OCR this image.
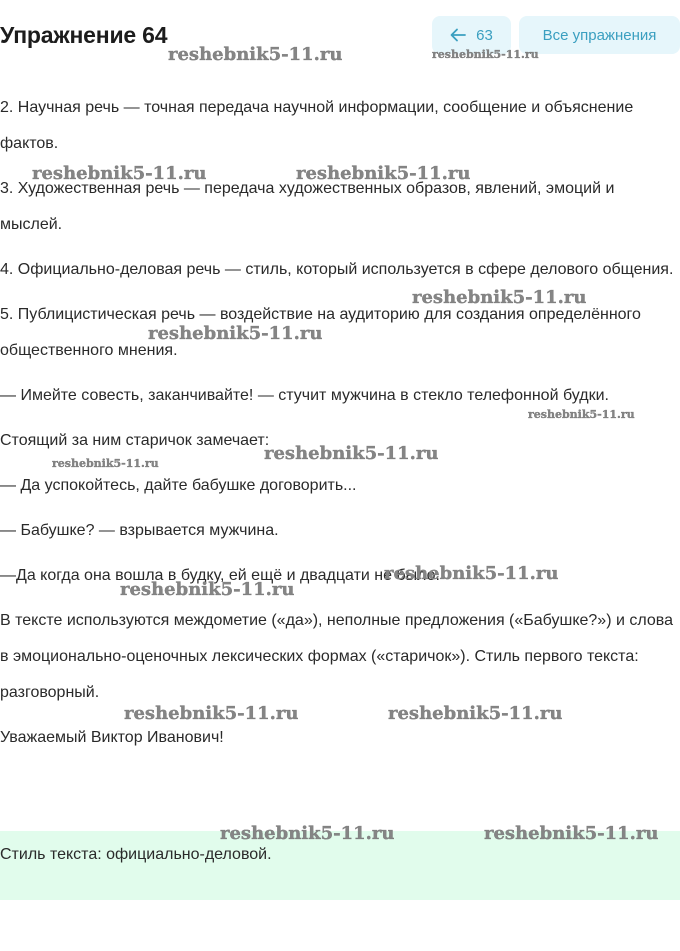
Упражнение 64	63	Все упражнения

2. Научная речь — точная передача научной информации, сообщение и объяснение фактов.

3. Художественная речь — передача художественных образов, явлений, эмоций и мыслей.

4. Официально-деловая речь — стиль, который используется в сфере делового общения.

5. Публицистическая речь — воздействие на аудиторию для создания определённого общественного мнения.

— Имейте совесть, заканчивайте! — стучит мужчина в стекло телефонной будки.

Стоящий за ним старичок замечает:

— Да успокойтесь, дайте бабушке договорить...

— Бабушке? — взрывается мужчина.

—Да когда она вошла в будку, ей ещё и двадцати не было.

В тексте используются междометие («да»), неполные предложения («Бабушке?») и слова в эмоционально-оценочных лексических формах («старичок»). Стиль первого текста: разговорный.

Уважаемый Виктор Иванович!

Стиль текста: официально-деловой.

reshebnik5-11.ru	reshebnik5-11.ru
reshebnik5-11.ru	reshebnik5-11.ru
reshebnik5-11.ru
reshebnik5-11.ru
reshebnik5-11.ru
reshebnik5-11.ru
reshebnik5-11.ru
reshebnik5-11.ru
reshebnik5-11.ru
reshebnik5-11.ru	reshebnik5-11.ru
reshebnik5-11.ru	reshebnik5-11.ru
